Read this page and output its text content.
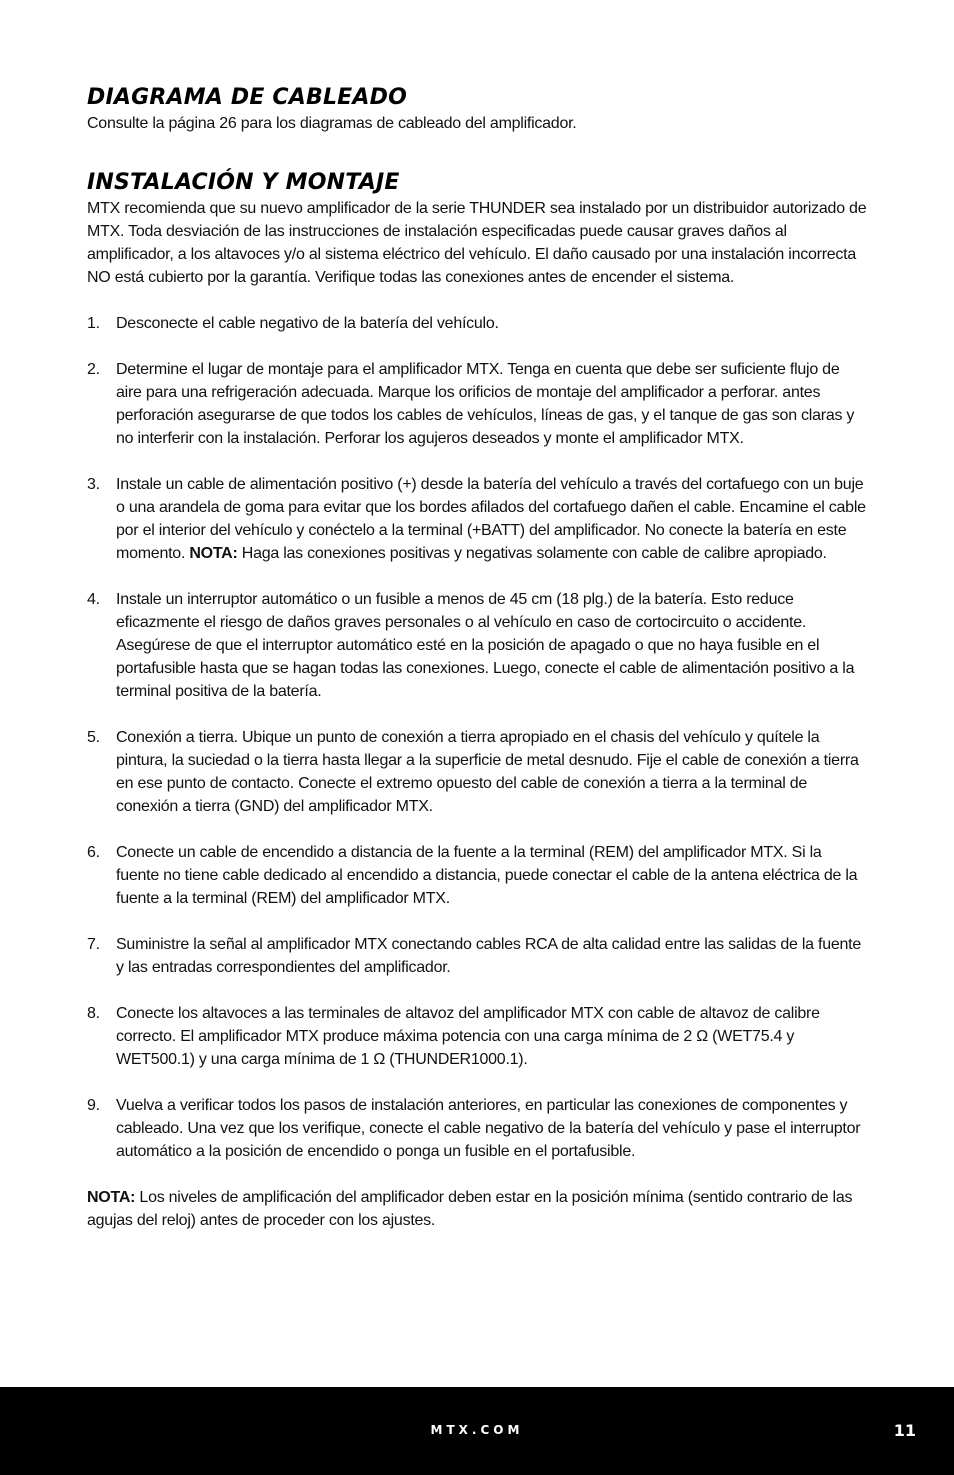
DIAGRAMA DE CABLEADO

Consulte la página 26 para los diagramas de cableado del amplificador.

INSTALACIÓN Y MONTAJE

MTX recomienda que su nuevo amplificador de la serie THUNDER sea instalado por un distribuidor autorizado de MTX. Toda desviación de las instrucciones de instalación especificadas puede causar graves daños al amplificador, a los altavoces y/o al sistema eléctrico del vehículo. El daño causado por una instalación incorrecta NO está cubierto por la garantía. Verifique todas las conexiones antes de encender el sistema.

1.	Desconecte el cable negativo de la batería del vehículo.
2.	Determine el lugar de montaje para el amplificador MTX. Tenga en cuenta que debe ser suficiente flujo de aire para una refrigeración adecuada. Marque los orificios de montaje del amplificador a perforar. antes perforación asegurarse de que todos los cables de vehículos, líneas de gas, y el tanque de gas son claras y no interferir con la instalación. Perforar los agujeros deseados y monte el amplificador MTX.
3.	Instale un cable de alimentación positivo (+) desde la batería del vehículo a través del cortafuego con un buje o una arandela de goma para evitar que los bordes afilados del cortafuego dañen el cable. Encamine el cable por el interior del vehículo y conéctelo a la terminal (+BATT) del amplificador. No conecte la batería en este momento. NOTA: Haga las conexiones positivas y negativas solamente con cable de calibre apropiado.
4.	Instale un interruptor automático o un fusible a menos de 45 cm (18 plg.) de la batería. Esto reduce eficazmente el riesgo de daños graves personales o al vehículo en caso de cortocircuito o accidente. Asegúrese de que el interruptor automático esté en la posición de apagado o que no haya fusible en el portafusible hasta que se hagan todas las conexiones. Luego, conecte el cable de alimentación positivo a la terminal positiva de la batería.
5.	Conexión a tierra. Ubique un punto de conexión a tierra apropiado en el chasis del vehículo y quítele la pintura, la suciedad o la tierra hasta llegar a la superficie de metal desnudo. Fije el cable de conexión a tierra en ese punto de contacto. Conecte el extremo opuesto del cable de conexión a tierra a la terminal de conexión a tierra (GND) del amplificador MTX.
6.	Conecte un cable de encendido a distancia de la fuente a la terminal (REM) del amplificador MTX. Si la fuente no tiene cable dedicado al encendido a distancia, puede conectar el cable de la antena eléctrica de la fuente a la terminal (REM) del amplificador MTX.
7.	Suministre la señal al amplificador MTX conectando cables RCA de alta calidad entre las salidas de la fuente y las entradas correspondientes del amplificador.
8.	Conecte los altavoces a las terminales de altavoz del amplificador MTX con cable de altavoz de calibre correcto. El amplificador MTX produce máxima potencia con una carga mínima de 2 Ω (WET75.4 y WET500.1) y una carga mínima de 1 Ω (THUNDER1000.1).
9.	Vuelva a verificar todos los pasos de instalación anteriores, en particular las conexiones de componentes y cableado. Una vez que los verifique, conecte el cable negativo de la batería del vehículo y pase el interruptor automático a la posición de encendido o ponga un fusible en el portafusible.

NOTA: Los niveles de amplificación del amplificador deben estar en la posición mínima (sentido contrario de las agujas del reloj) antes de proceder con los ajustes.

MTX.COM	11
